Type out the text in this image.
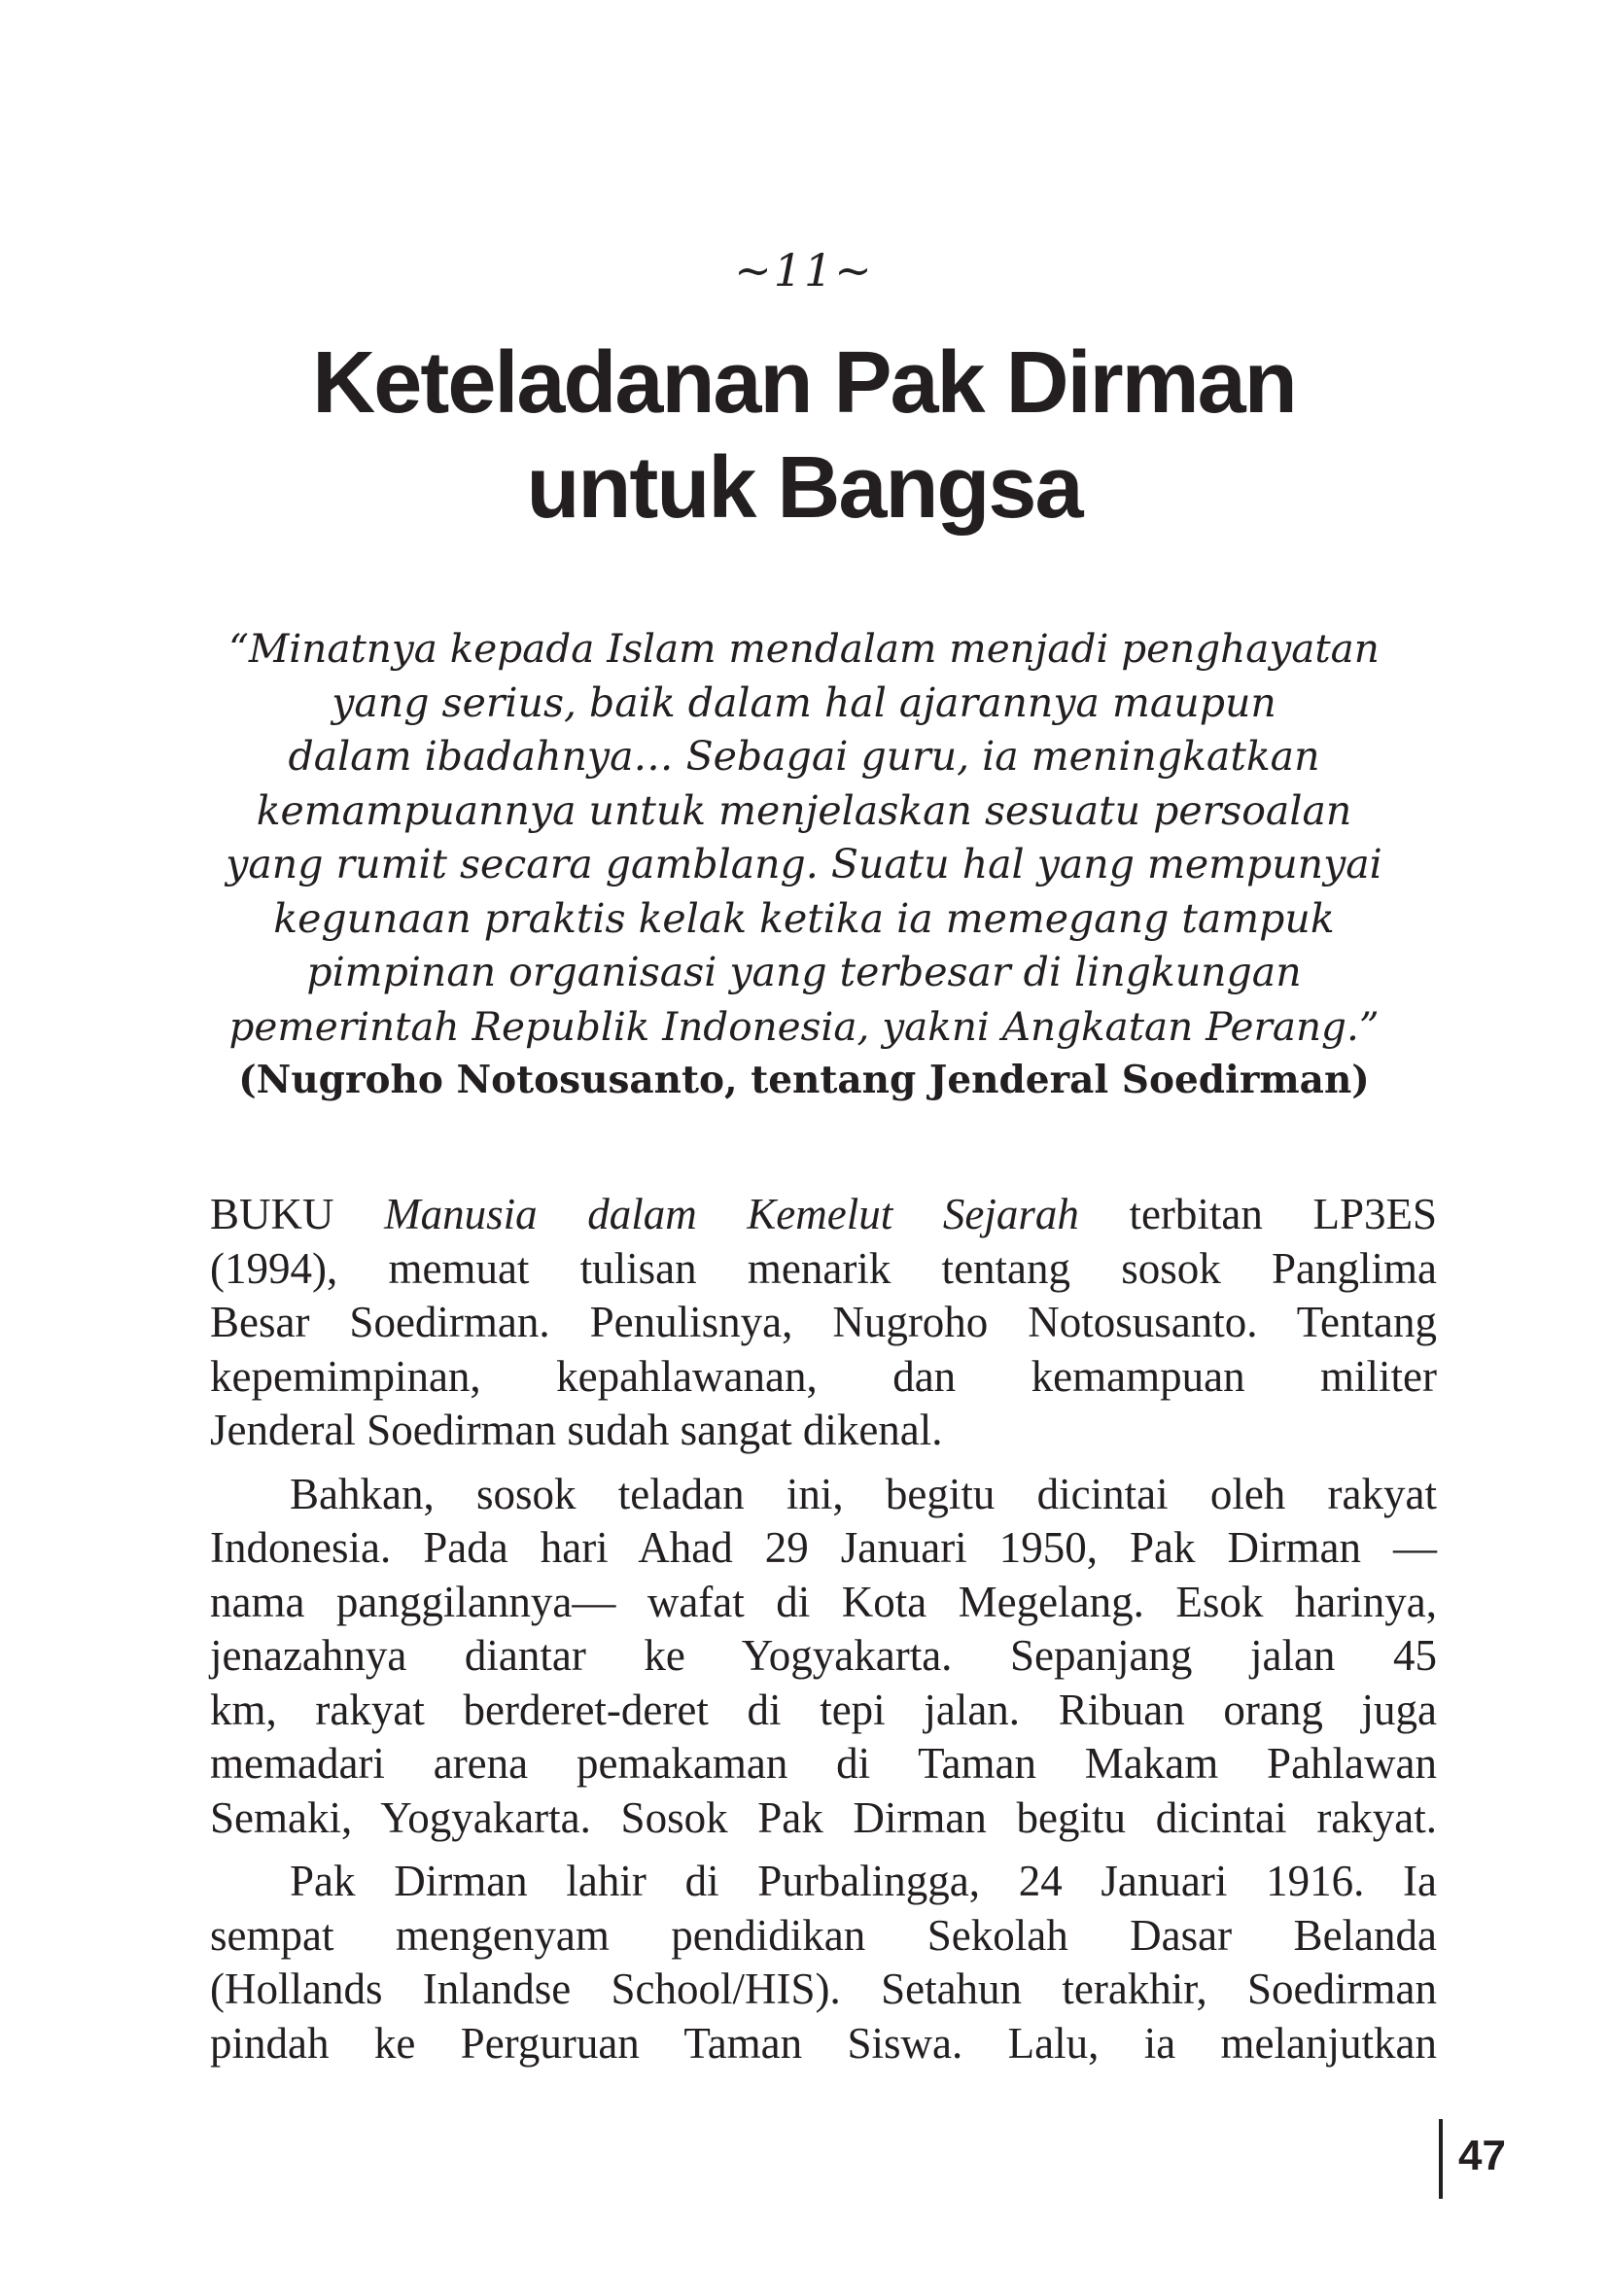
~11~
Keteladanan Pak Dirman
untuk Bangsa
“Minatnya kepada Islam mendalam menjadi penghayatan
yang serius, baik dalam hal ajarannya maupun
dalam ibadahnya… Sebagai guru, ia meningkatkan
kemampuannya untuk menjelaskan sesuatu persoalan
yang rumit secara gamblang. Suatu hal yang mempunyai
kegunaan praktis kelak ketika ia memegang tampuk
pimpinan organisasi yang terbesar di lingkungan
pemerintah Republik Indonesia, yakni Angkatan Perang.”
(Nugroho Notosusanto, tentang Jenderal Soedirman)

BUKU Manusia dalam Kemelut Sejarah terbitan LP3ES
(1994), memuat tulisan menarik tentang sosok Panglima
Besar Soedirman. Penulisnya, Nugroho Notosusanto. Tentang
kepemimpinan, kepahlawanan, dan kemampuan militer
Jenderal Soedirman sudah sangat dikenal.

Bahkan, sosok teladan ini, begitu dicintai oleh rakyat
Indonesia. Pada hari Ahad 29 Januari 1950, Pak Dirman —
nama panggilannya— wafat di Kota Megelang. Esok harinya,
jenazahnya diantar ke Yogyakarta. Sepanjang jalan 45
km, rakyat berderet-deret di tepi jalan. Ribuan orang juga
memadari arena pemakaman di Taman Makam Pahlawan
Semaki, Yogyakarta. Sosok Pak Dirman begitu dicintai rakyat.

Pak Dirman lahir di Purbalingga, 24 Januari 1916. Ia
sempat mengenyam pendidikan Sekolah Dasar Belanda
(Hollands Inlandse School/HIS). Setahun terakhir, Soedirman
pindah ke Perguruan Taman Siswa. Lalu, ia melanjutkan

47
